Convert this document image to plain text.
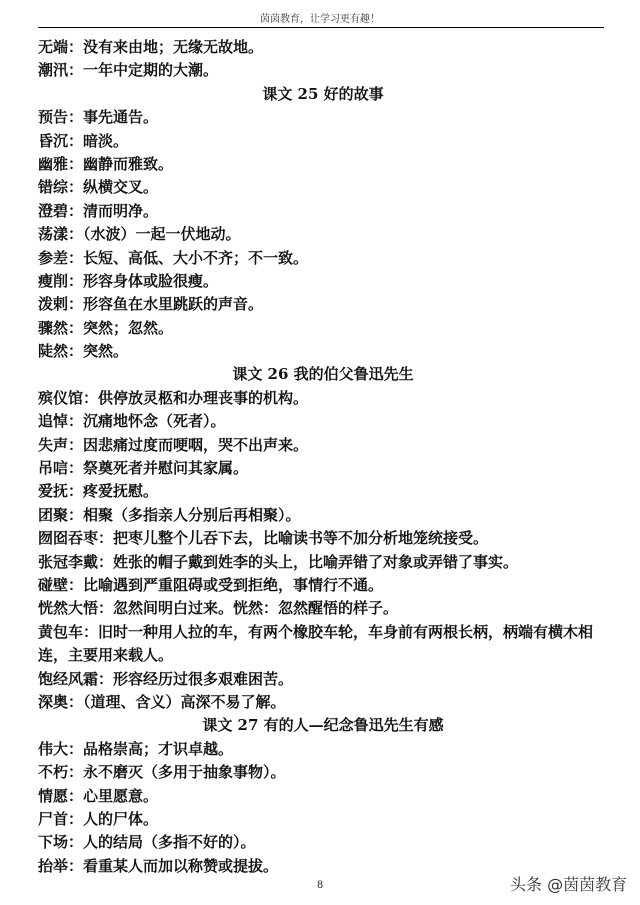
茵茵教育，让学习更有趣！
无端：没有来由地；无缘无故地。
潮汛：一年中定期的大潮。
课文 25 好的故事
预告：事先通告。
昏沉：暗淡。
幽雅：幽静而雅致。
错综：纵横交叉。
澄碧：清而明净。
荡漾：（水波）一起一伏地动。
参差：长短、高低、大小不齐；不一致。
瘦削：形容身体或脸很瘦。
泼剌：形容鱼在水里跳跃的声音。
骤然：突然；忽然。
陡然：突然。
课文 26 我的伯父鲁迅先生
殡仪馆：供停放灵柩和办理丧事的机构。
追悼：沉痛地怀念（死者）。
失声：因悲痛过度而哽咽，哭不出声来。
吊唁：祭奠死者并慰问其家属。
爱抚：疼爱抚慰。
团聚：相聚（多指亲人分别后再相聚）。
囫囵吞枣：把枣儿整个儿吞下去，比喻读书等不加分析地笼统接受。
张冠李戴：姓张的帽子戴到姓李的头上，比喻弄错了对象或弄错了事实。
碰壁：比喻遇到严重阻碍或受到拒绝，事情行不通。
恍然大悟：忽然间明白过来。恍然：忽然醒悟的样子。
黄包车：旧时一种用人拉的车，有两个橡胶车轮，车身前有两根长柄，柄端有横木相连，主要用来载人。
饱经风霜：形容经历过很多艰难困苦。
深奥：（道理、含义）高深不易了解。
课文 27 有的人—纪念鲁迅先生有感
伟大：品格崇高；才识卓越。
不朽：永不磨灭（多用于抽象事物）。
情愿：心里愿意。
尸首：人的尸体。
下场：人的结局（多指不好的）。
抬举：看重某人而加以称赞或提拔。
8	头条 @茵茵教育
